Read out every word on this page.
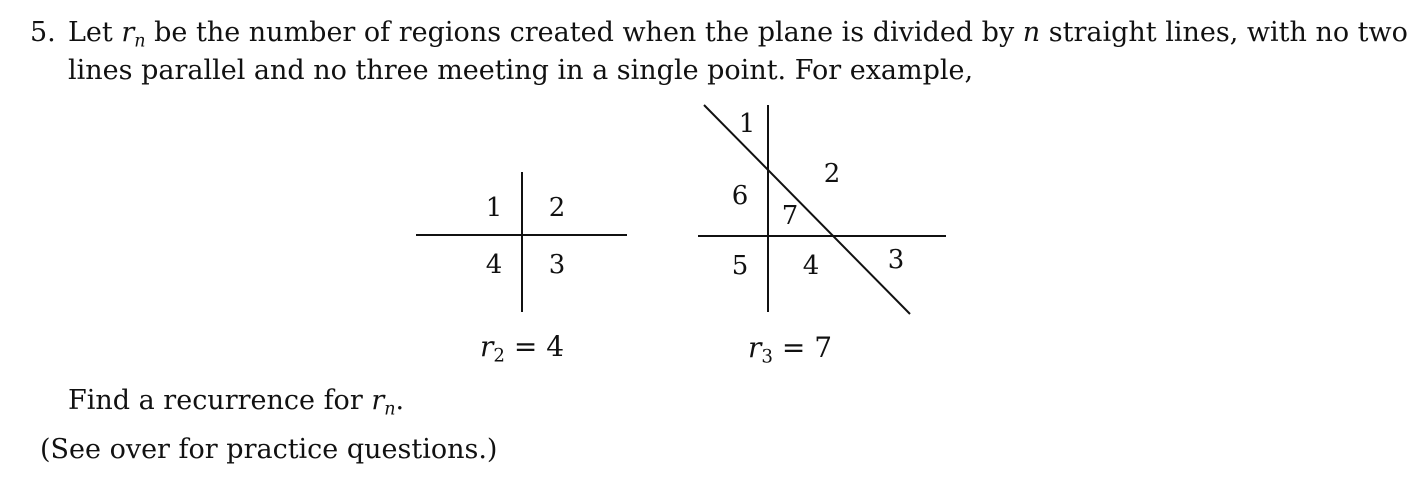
5. Let $r_n$ be the number of regions created when the plane is divided by n straight lines, with no two
lines parallel and no three meeting in a single point. For example,
1 2
4 3
1
2
6
7
5 4	3
r2 = 4	r3 = 7
Find a recurrence for $r_n$.
(See over for practice questions.)
